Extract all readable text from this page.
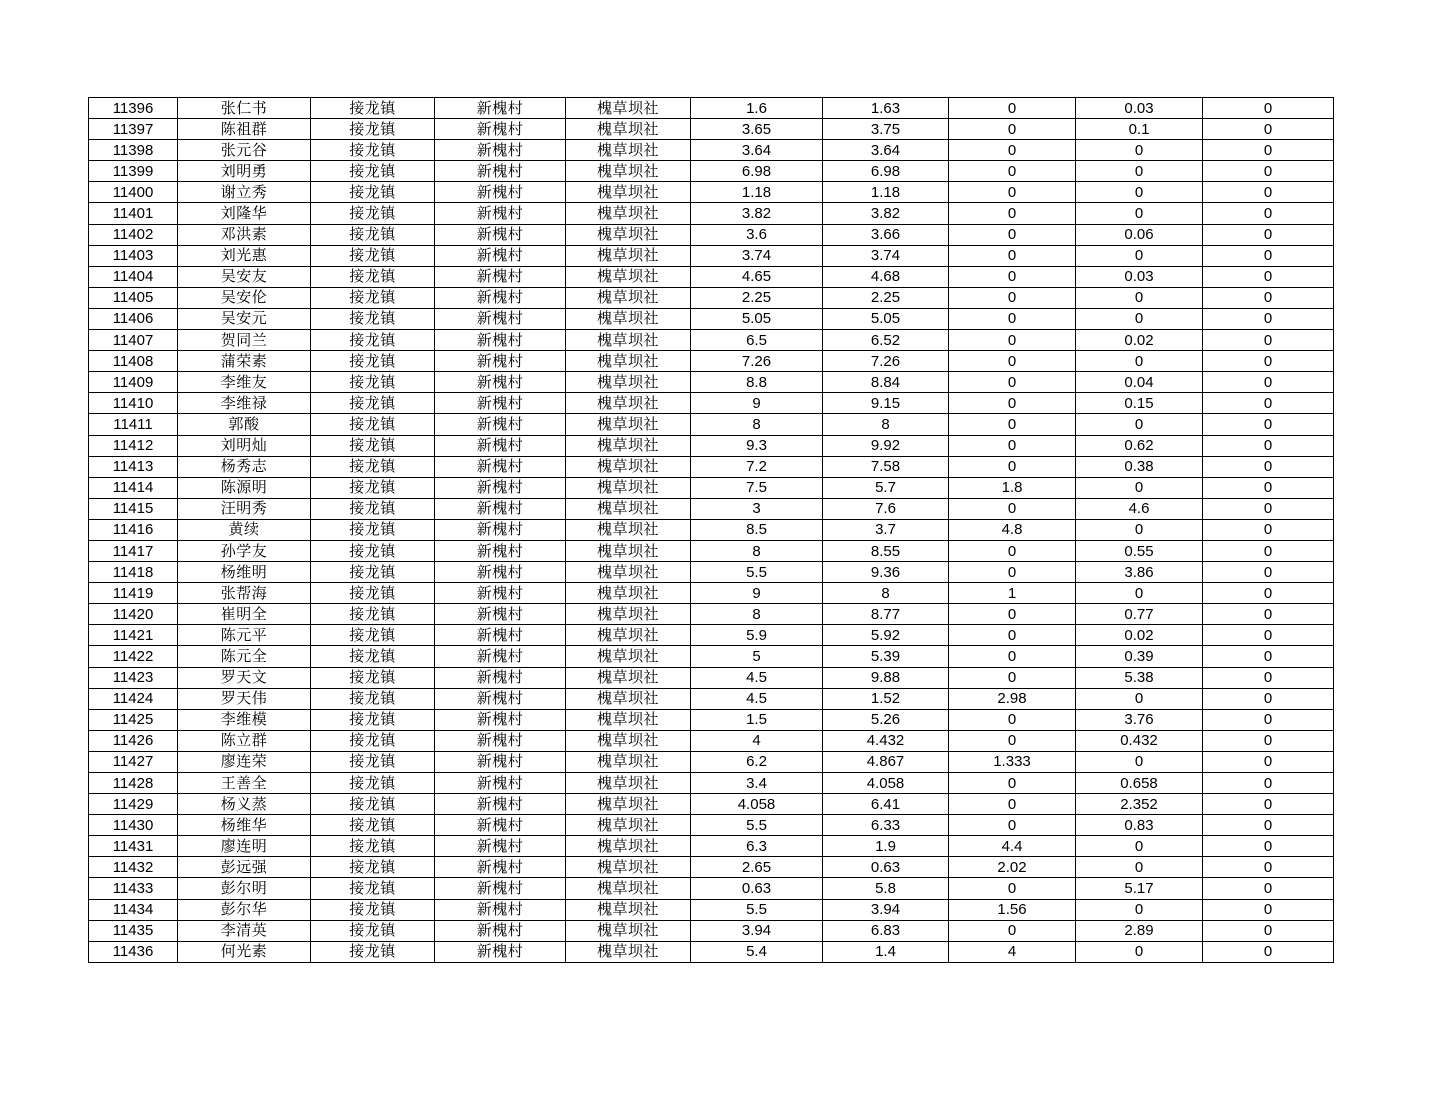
11396	张仁书	接龙镇	新槐村	槐草坝社	1.6	1.63	0	0.03	0
11397	陈祖群	接龙镇	新槐村	槐草坝社	3.65	3.75	0	0.1	0
11398	张元谷	接龙镇	新槐村	槐草坝社	3.64	3.64	0	0	0
11399	刘明勇	接龙镇	新槐村	槐草坝社	6.98	6.98	0	0	0
11400	谢立秀	接龙镇	新槐村	槐草坝社	1.18	1.18	0	0	0
11401	刘隆华	接龙镇	新槐村	槐草坝社	3.82	3.82	0	0	0
11402	邓洪素	接龙镇	新槐村	槐草坝社	3.6	3.66	0	0.06	0
11403	刘光惠	接龙镇	新槐村	槐草坝社	3.74	3.74	0	0	0
11404	吴安友	接龙镇	新槐村	槐草坝社	4.65	4.68	0	0.03	0
11405	吴安伦	接龙镇	新槐村	槐草坝社	2.25	2.25	0	0	0
11406	吴安元	接龙镇	新槐村	槐草坝社	5.05	5.05	0	0	0
11407	贺同兰	接龙镇	新槐村	槐草坝社	6.5	6.52	0	0.02	0
11408	蒲荣素	接龙镇	新槐村	槐草坝社	7.26	7.26	0	0	0
11409	李维友	接龙镇	新槐村	槐草坝社	8.8	8.84	0	0.04	0
11410	李维禄	接龙镇	新槐村	槐草坝社	9	9.15	0	0.15	0
11411	郭酸	接龙镇	新槐村	槐草坝社	8	8	0	0	0
11412	刘明灿	接龙镇	新槐村	槐草坝社	9.3	9.92	0	0.62	0
11413	杨秀志	接龙镇	新槐村	槐草坝社	7.2	7.58	0	0.38	0
11414	陈源明	接龙镇	新槐村	槐草坝社	7.5	5.7	1.8	0	0
11415	汪明秀	接龙镇	新槐村	槐草坝社	3	7.6	0	4.6	0
11416	黄续	接龙镇	新槐村	槐草坝社	8.5	3.7	4.8	0	0
11417	孙学友	接龙镇	新槐村	槐草坝社	8	8.55	0	0.55	0
11418	杨维明	接龙镇	新槐村	槐草坝社	5.5	9.36	0	3.86	0
11419	张帮海	接龙镇	新槐村	槐草坝社	9	8	1	0	0
11420	崔明全	接龙镇	新槐村	槐草坝社	8	8.77	0	0.77	0
11421	陈元平	接龙镇	新槐村	槐草坝社	5.9	5.92	0	0.02	0
11422	陈元全	接龙镇	新槐村	槐草坝社	5	5.39	0	0.39	0
11423	罗天文	接龙镇	新槐村	槐草坝社	4.5	9.88	0	5.38	0
11424	罗天伟	接龙镇	新槐村	槐草坝社	4.5	1.52	2.98	0	0
11425	李维模	接龙镇	新槐村	槐草坝社	1.5	5.26	0	3.76	0
11426	陈立群	接龙镇	新槐村	槐草坝社	4	4.432	0	0.432	0
11427	廖连荣	接龙镇	新槐村	槐草坝社	6.2	4.867	1.333	0	0
11428	王善全	接龙镇	新槐村	槐草坝社	3.4	4.058	0	0.658	0
11429	杨义蒸	接龙镇	新槐村	槐草坝社	4.058	6.41	0	2.352	0
11430	杨维华	接龙镇	新槐村	槐草坝社	5.5	6.33	0	0.83	0
11431	廖连明	接龙镇	新槐村	槐草坝社	6.3	1.9	4.4	0	0
11432	彭远强	接龙镇	新槐村	槐草坝社	2.65	0.63	2.02	0	0
11433	彭尔明	接龙镇	新槐村	槐草坝社	0.63	5.8	0	5.17	0
11434	彭尔华	接龙镇	新槐村	槐草坝社	5.5	3.94	1.56	0	0
11435	李清英	接龙镇	新槐村	槐草坝社	3.94	6.83	0	2.89	0
11436	何光素	接龙镇	新槐村	槐草坝社	5.4	1.4	4	0	0
